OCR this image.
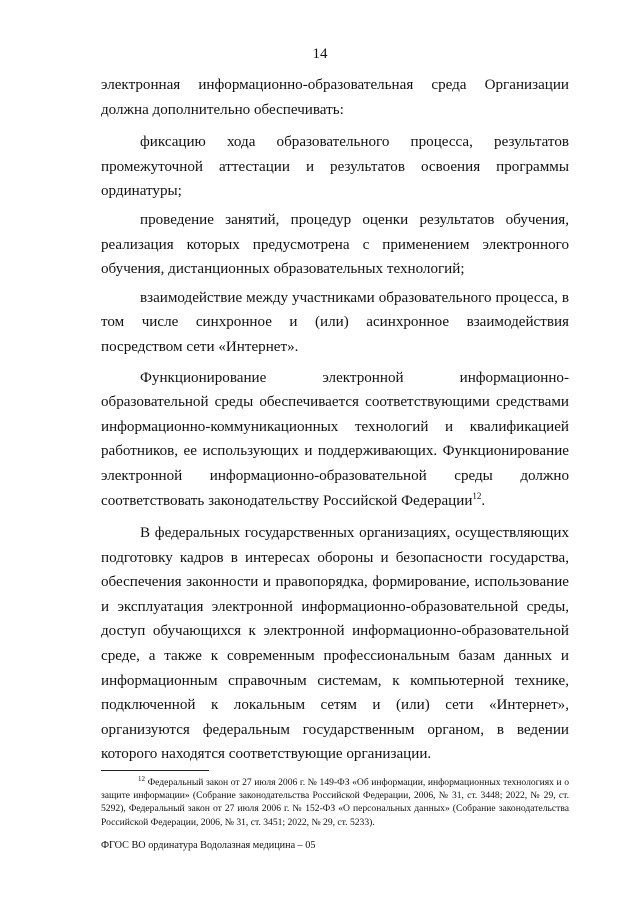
14

электронная информационно-образовательная среда Организации должна дополнительно обеспечивать:

фиксацию хода образовательного процесса, результатов промежуточной аттестации и результатов освоения программы ординатуры;

проведение занятий, процедур оценки результатов обучения, реализация которых предусмотрена с применением электронного обучения, дистанционных образовательных технологий;

взаимодействие между участниками образовательного процесса, в том числе синхронное и (или) асинхронное взаимодействия посредством сети «Интернет».

Функционирование электронной информационно-образовательной среды обеспечивается соответствующими средствами информационно-коммуникационных технологий и квалификацией работников, ее использующих и поддерживающих. Функционирование электронной информационно-образовательной среды должно соответствовать законодательству Российской Федерации$^{12}$.

В федеральных государственных организациях, осуществляющих подготовку кадров в интересах обороны и безопасности государства, обеспечения законности и правопорядка, формирование, использование и эксплуатация электронной информационно-образовательной среды, доступ обучающихся к электронной информационно-образовательной среде, а также к современным профессиональным базам данных и информационным справочным системам, к компьютерной технике, подключенной к локальным сетям и (или) сети «Интернет», организуются федеральным государственным органом, в ведении которого находятся соответствующие организации.

$^{12}$ Федеральный закон от 27 июля 2006 г. № 149-ФЗ «Об информации, информационных технологиях и о защите информации» (Собрание законодательства Российской Федерации, 2006, № 31, ст. 3448; 2022, № 29, ст. 5292), Федеральный закон от 27 июля 2006 г. № 152-ФЗ «О персональных данных» (Собрание законодательства Российской Федерации, 2006, № 31, ст. 3451; 2022, № 29, ст. 5233).
ФГОС ВО ординатура Водолазная медицина – 05
